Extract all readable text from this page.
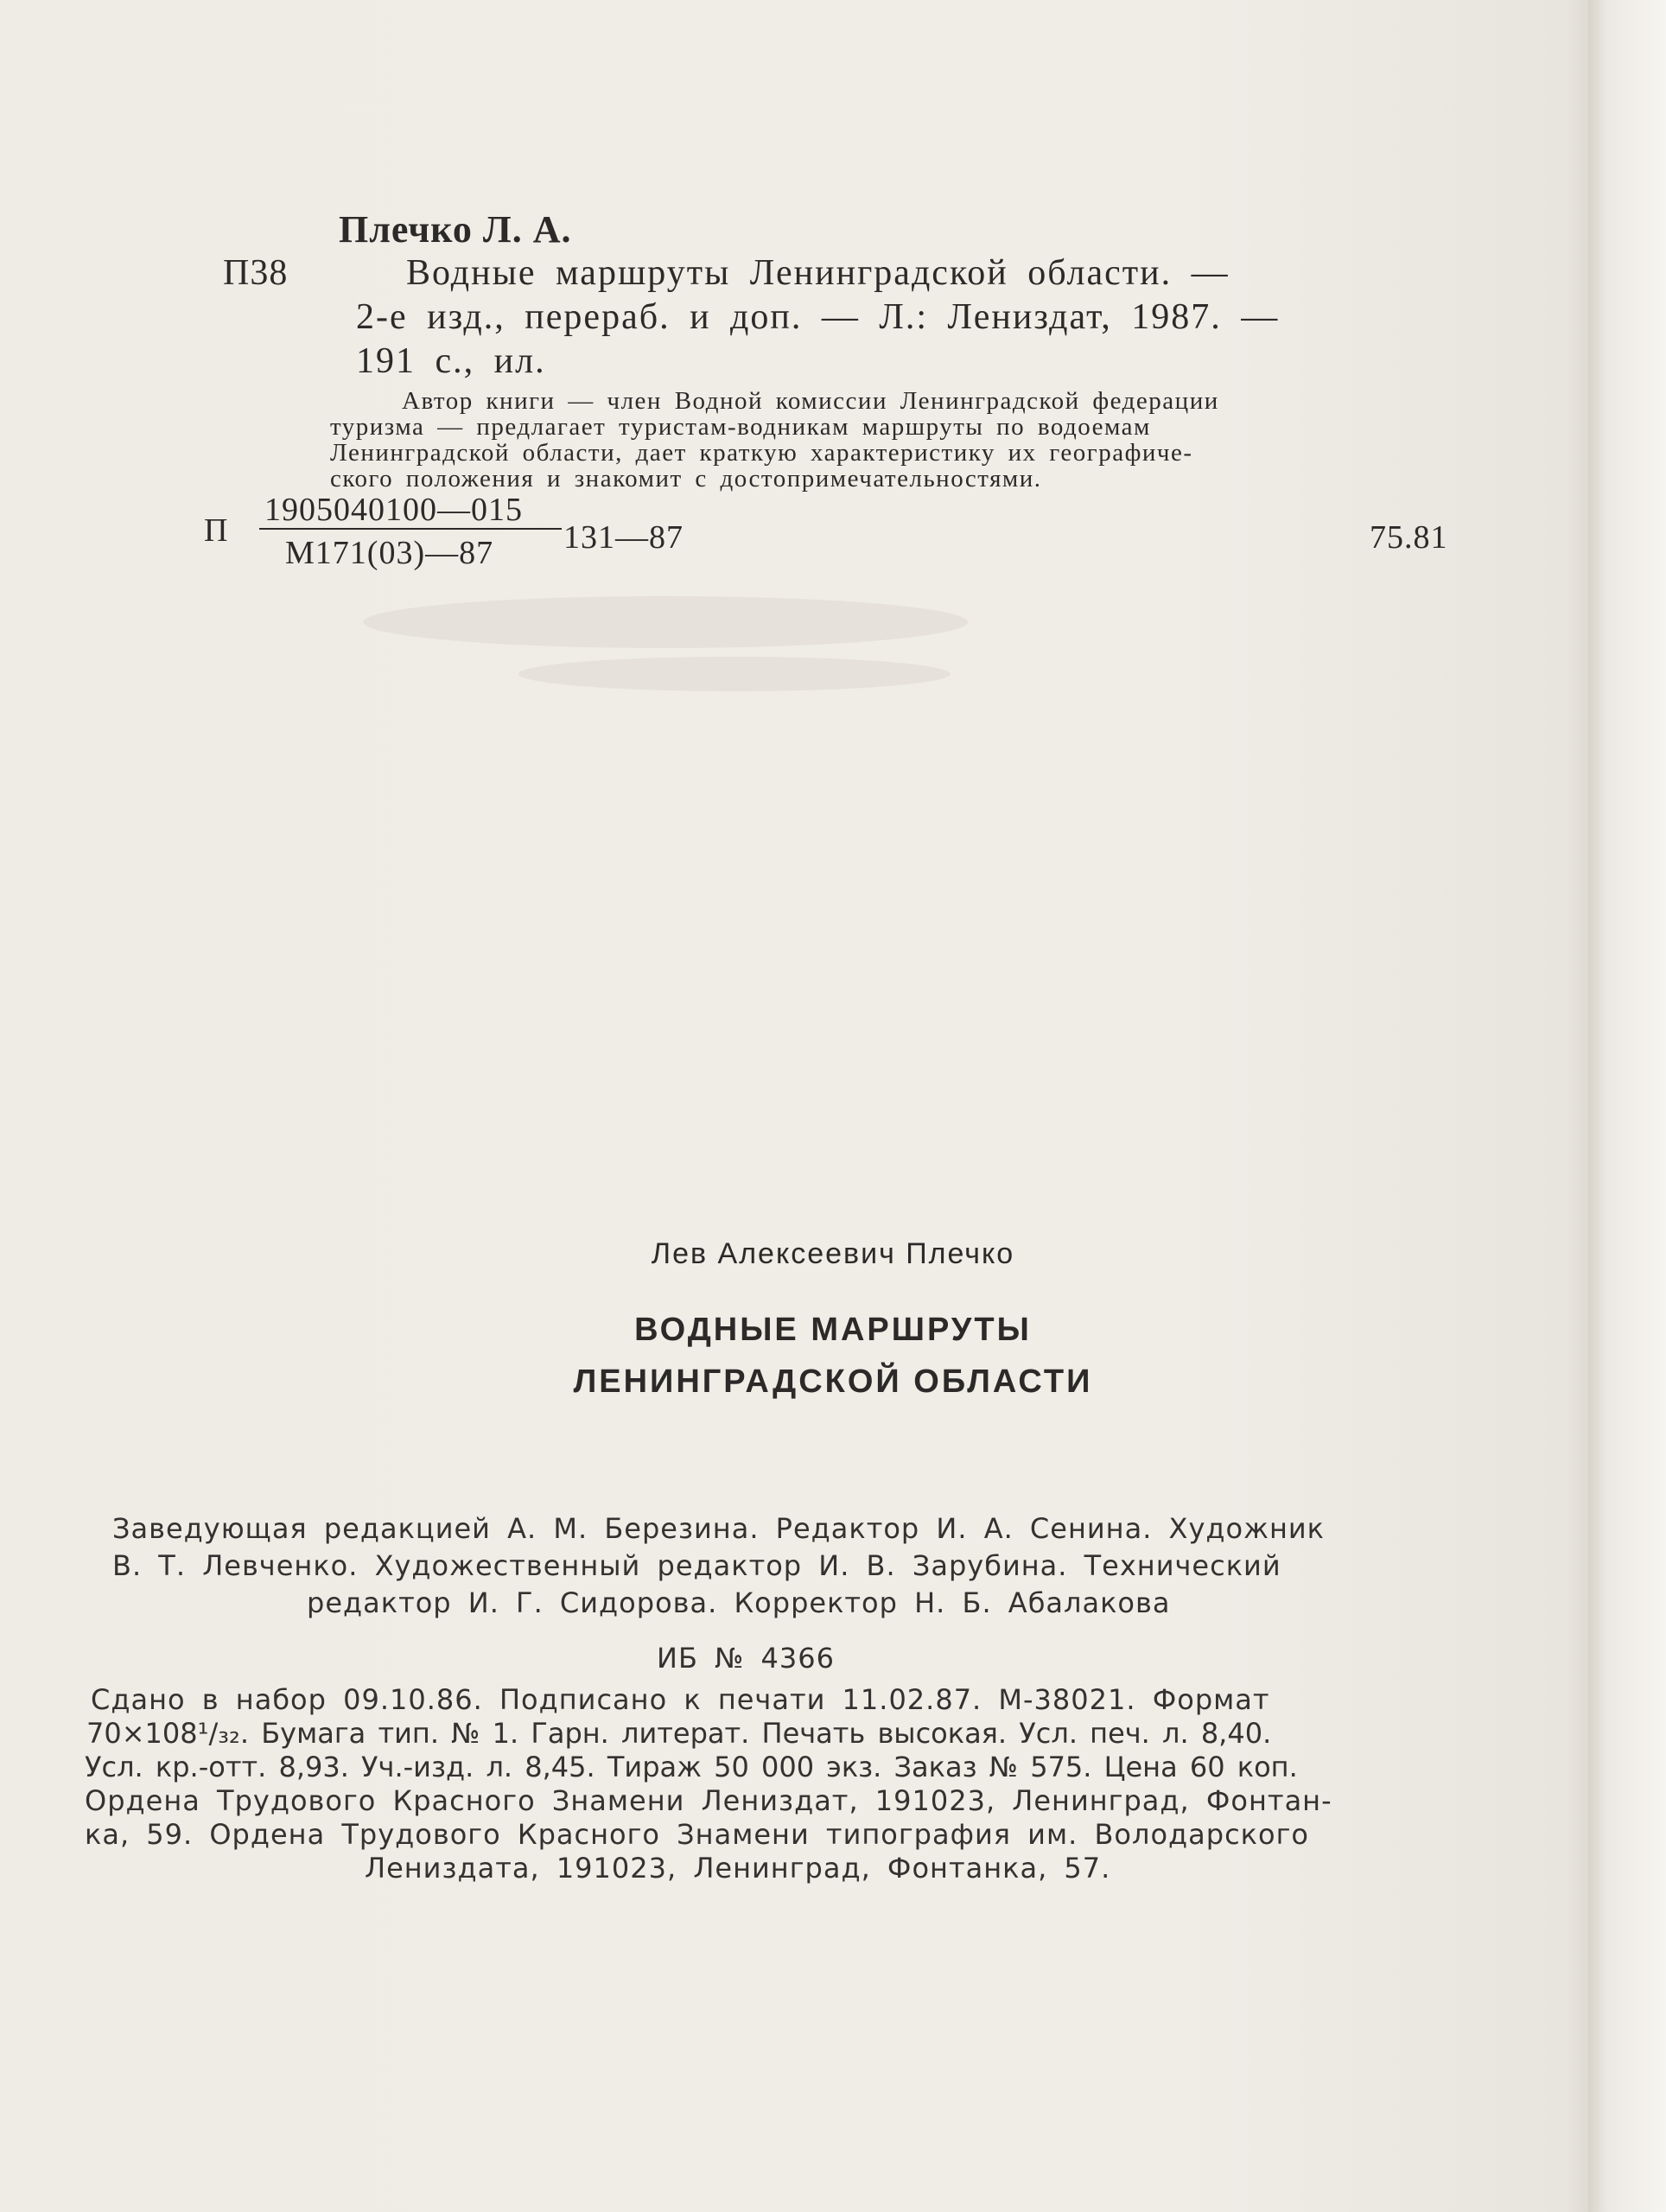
Плечко Л. А.
П38	Водные маршруты Ленинградской области. —
2-е изд., перераб. и доп. — Л.: Лениздат, 1987. —
191 с., ил.
Автор книги — член Водной комиссии Ленинградской федерации
туризма — предлагает туристам-водникам маршруты по водоемам
Ленинградской области, дает краткую характеристику их географиче-
ского положения и знакомит с достопримечательностями.
П
1905040100—015
М171(03)—87 131—87	75.81
Лев Алексеевич Плечко
ВОДНЫЕ МАРШРУТЫ
ЛЕНИНГРАДСКОЙ ОБЛАСТИ
Заведующая редакцией А. М. Березина. Редактор И. А. Сенина. Художник
В. Т. Левченко. Художественный редактор И. В. Зарубина. Технический
редактор И. Г. Сидорова. Корректор Н. Б. Абалакова
ИБ № 4366
Сдано в набор 09.10.86. Подписано к печати 11.02.87. М-38021. Формат
70×108¹/₃₂. Бумага тип. № 1. Гарн. литерат. Печать высокая. Усл. печ. л. 8,40.
Усл. кр.-отт. 8,93. Уч.-изд. л. 8,45. Тираж 50 000 экз. Заказ № 575. Цена 60 коп.
Ордена Трудового Красного Знамени Лениздат, 191023, Ленинград, Фонтан-
ка, 59. Ордена Трудового Красного Знамени типография им. Володарского
Лениздата, 191023, Ленинград, Фонтанка, 57.
